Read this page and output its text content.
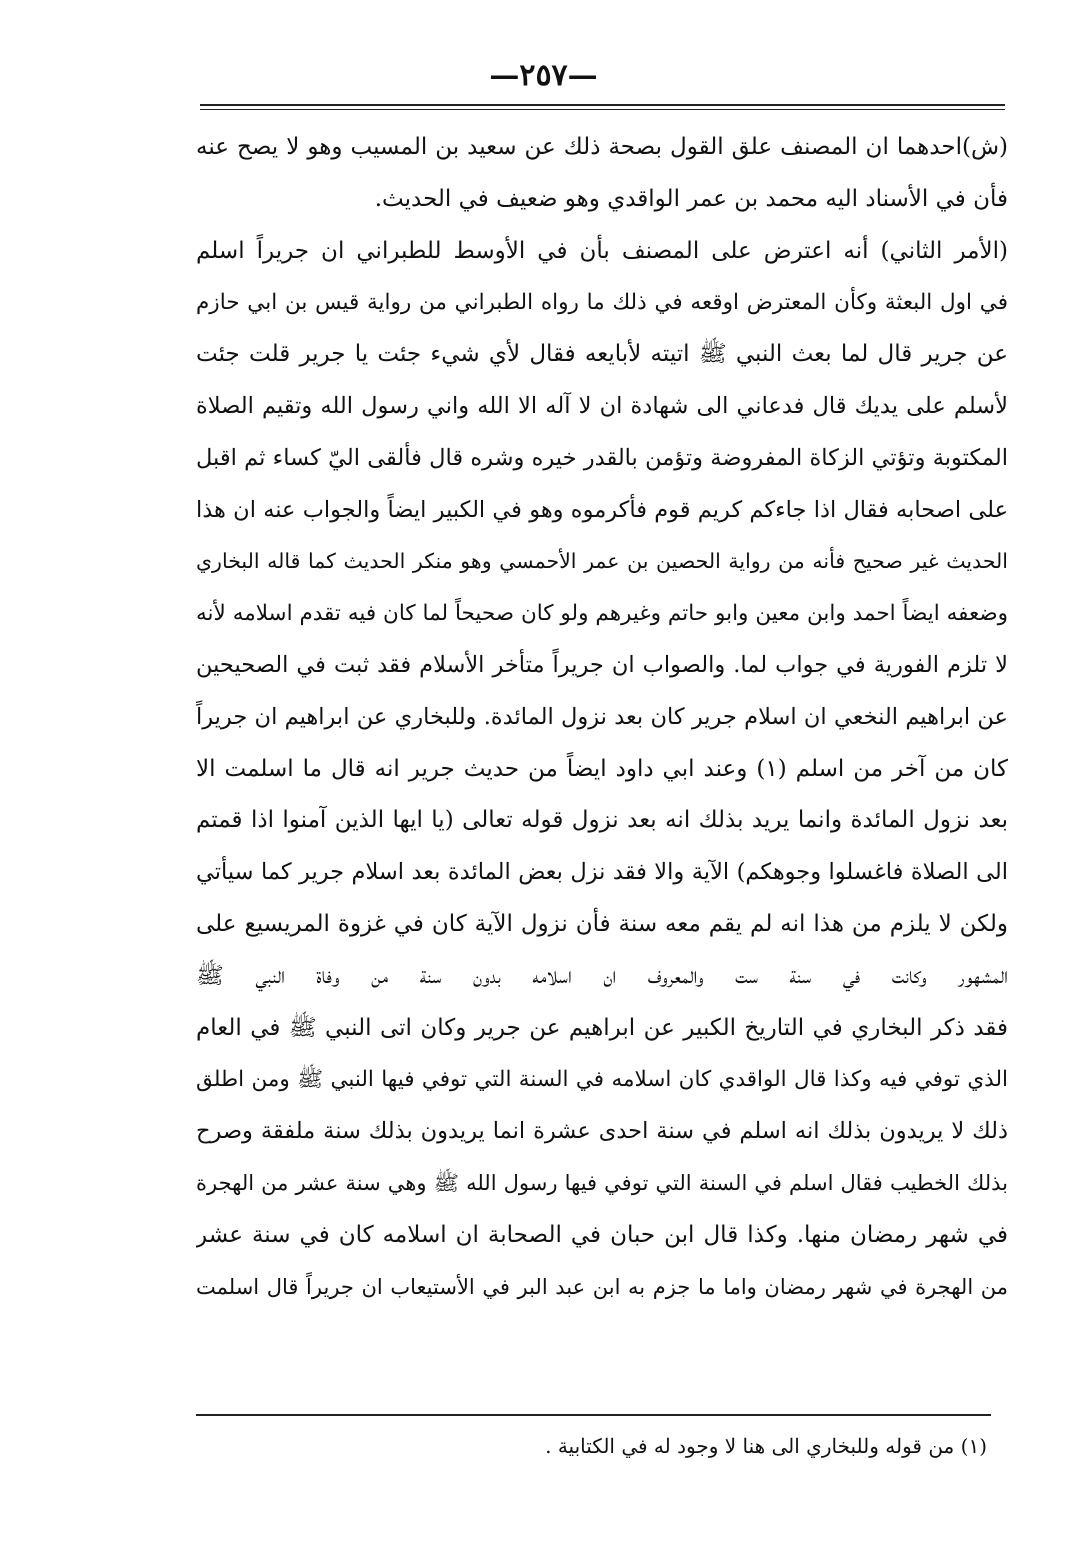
—٢٥٧—
(ش)احدهما ان المصنف علق القول بصحة ذلك عن سعيد بن المسيب وهو لا يصح عنه
فأن في الأسناد اليه محمد بن عمر الواقدي وهو ضعيف في الحديث.
(الأمر الثاني) أنه اعترض على المصنف بأن في الأوسط للطبراني ان جريراً اسلم
في اول البعثة وكأن المعترض اوقعه في ذلك ما رواه الطبراني من رواية قيس بن ابي حازم
عن جرير قال لما بعث النبي ﷺ اتيته لأبايعه فقال لأي شيء جئت يا جرير قلت جئت
لأسلم على يديك قال فدعاني الى شهادة ان لا آله الا الله واني رسول الله وتقيم الصلاة
المكتوبة وتؤتي الزكاة المفروضة وتؤمن بالقدر خيره وشره قال فألقى اليّ كساء ثم اقبل
على اصحابه فقال اذا جاءكم كريم قوم فأكرموه وهو في الكبير ايضاً والجواب عنه ان هذا
الحديث غير صحيح فأنه من رواية الحصين بن عمر الأحمسي وهو منكر الحديث كما قاله البخاري
وضعفه ايضاً احمد وابن معين وابو حاتم وغيرهم ولو كان صحيحاً لما كان فيه تقدم اسلامه لأنه
لا تلزم الفورية في جواب لما. والصواب ان جريراً متأخر الأسلام فقد ثبت في الصحيحين
عن ابراهيم النخعي ان اسلام جرير كان بعد نزول المائدة. وللبخاري عن ابراهيم ان جريراً
كان من آخر من اسلم (١) وعند ابي داود ايضاً من حديث جرير انه قال ما اسلمت الا
بعد نزول المائدة وانما يريد بذلك انه بعد نزول قوله تعالى (يا ايها الذين آمنوا اذا قمتم
الى الصلاة فاغسلوا وجوهكم) الآية والا فقد نزل بعض المائدة بعد اسلام جرير كما سيأتي
ولكن لا يلزم من هذا انه لم يقم معه سنة فأن نزول الآية كان في غزوة المريسيع على
المشهور وكانت في سنة ست والمعروف ان اسلامه بدون سنة من وفاة النبي ﷺ
فقد ذكر البخاري في التاريخ الكبير عن ابراهيم عن جرير وكان اتى النبي ﷺ في العام
الذي توفي فيه وكذا قال الواقدي كان اسلامه في السنة التي توفي فيها النبي ﷺ ومن اطلق
ذلك لا يريدون بذلك انه اسلم في سنة احدى عشرة انما يريدون بذلك سنة ملفقة وصرح
بذلك الخطيب فقال اسلم في السنة التي توفي فيها رسول الله ﷺ وهي سنة عشر من الهجرة
في شهر رمضان منها. وكذا قال ابن حبان في الصحابة ان اسلامه كان في سنة عشر
من الهجرة في شهر رمضان واما ما جزم به ابن عبد البر في الأستيعاب ان جريراً قال اسلمت
(١) من قوله وللبخاري الى هنا لا وجود له في الكتابية .
